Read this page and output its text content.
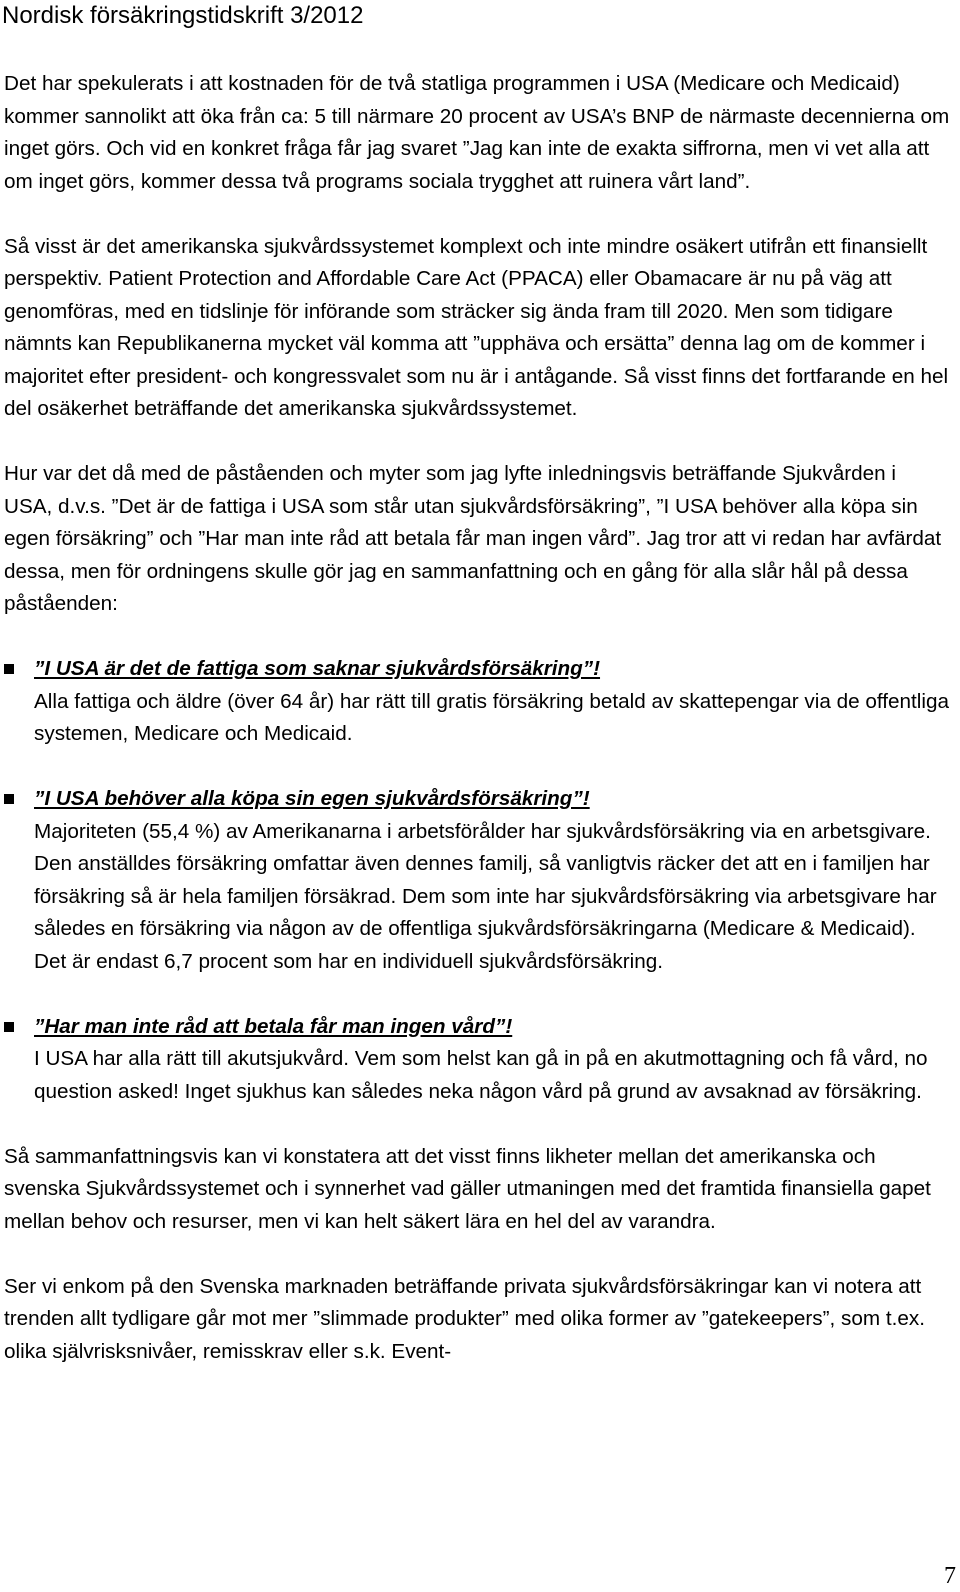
Nordisk försäkringstidskrift 3/2012

Det har spekulerats i att kostnaden för de två statliga programmen i USA (Medicare och Medicaid) kommer sannolikt att öka från ca: 5 till närmare 20 procent av USA’s BNP de närmaste decennierna om inget görs. Och vid en konkret fråga får jag svaret ”Jag kan inte de exakta siffrorna, men vi vet alla att om inget görs, kommer dessa två programs sociala trygghet att ruinera vårt land”.

Så visst är det amerikanska sjukvårdssystemet komplext och inte mindre osäkert utifrån ett finansiellt perspektiv. Patient Protection and Affordable Care Act (PPACA) eller Obamacare är nu på väg att genomföras, med en tidslinje för införande som sträcker sig ända fram till 2020. Men som tidigare nämnts kan Republikanerna mycket väl komma att ”upphäva och ersätta” denna lag om de kommer i majoritet efter president- och kongressvalet som nu är i antågande. Så visst finns det fortfarande en hel del osäkerhet beträffande det amerikanska sjukvårdssystemet.

Hur var det då med de påståenden och myter som jag lyfte inledningsvis beträffande Sjukvården i USA, d.v.s. ”Det är de fattiga i USA som står utan sjukvårdsförsäkring”, ”I USA behöver alla köpa sin egen försäkring” och ”Har man inte råd att betala får man ingen vård”. Jag tror att vi redan har avfärdat dessa, men för ordningens skulle gör jag en sammanfattning och en gång för alla slår hål på dessa påståenden:

”I USA är det de fattiga som saknar sjukvårdsförsäkring”!
Alla fattiga och äldre (över 64 år) har rätt till gratis försäkring betald av skattepengar via de offentliga systemen, Medicare och Medicaid.
”I USA behöver alla köpa sin egen sjukvårdsförsäkring”!
Majoriteten (55,4 %) av Amerikanarna i arbetsförålder har sjukvårdsförsäkring via en arbetsgivare. Den anställdes försäkring omfattar även dennes familj, så vanligtvis räcker det att en i familjen har försäkring så är hela familjen försäkrad. Dem som inte har sjukvårdsförsäkring via arbetsgivare har således en försäkring via någon av de offentliga sjukvårdsförsäkringarna (Medicare & Medicaid). Det är endast 6,7 procent som har en individuell sjukvårdsförsäkring.
”Har man inte råd att betala får man ingen vård”!
I USA har alla rätt till akutsjukvård. Vem som helst kan gå in på en akutmottagning och få vård, no question asked! Inget sjukhus kan således neka någon vård på grund av avsaknad av försäkring.

Så sammanfattningsvis kan vi konstatera att det visst finns likheter mellan det amerikanska och svenska Sjukvårdssystemet och i synnerhet vad gäller utmaningen med det framtida finansiella gapet mellan behov och resurser, men vi kan helt säkert lära en hel del av varandra.

Ser vi enkom på den Svenska marknaden beträffande privata sjukvårdsförsäkringar kan vi notera att trenden allt tydligare går mot mer ”slimmade produkter” med olika former av ”gatekeepers”, som t.ex. olika självrisksnivåer, remisskrav eller s.k. Event-

7
